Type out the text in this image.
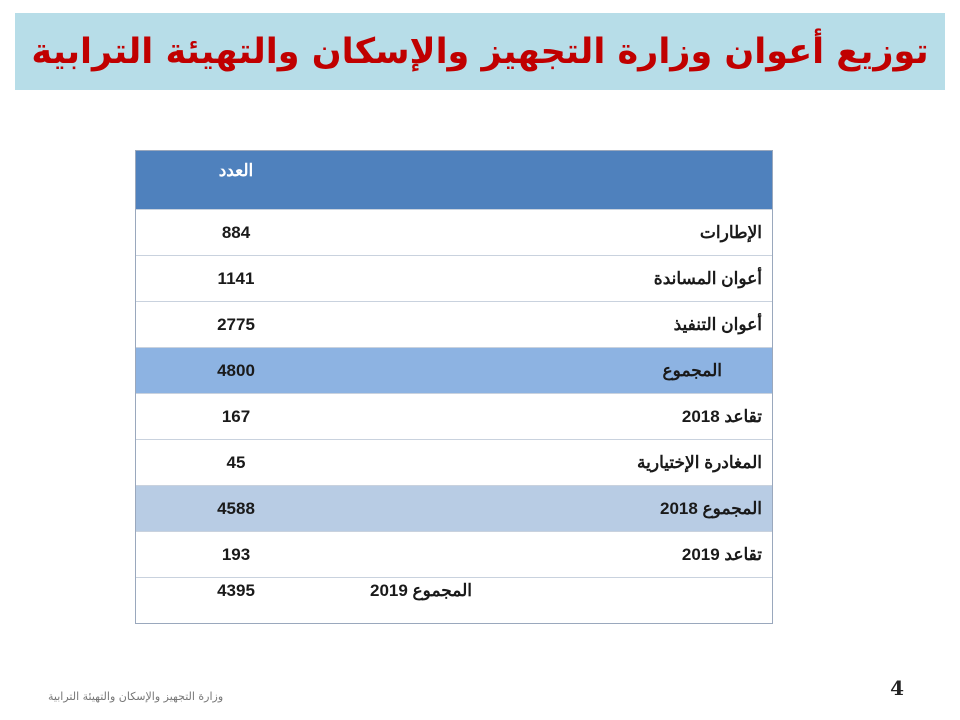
توزيع أعوان وزارة التجهيز والإسكان والتهيئة الترابية
العدد	
884	الإطارات
1141	أعوان المساندة
2775	أعوان التنفيذ
4800	المجموع
167	تقاعد 2018
45	المغادرة الإختيارية
4588	المجموع 2018
193	تقاعد 2019
4395	المجموع 2019
4
وزارة التجهيز والإسكان والتهيئة الترابية
